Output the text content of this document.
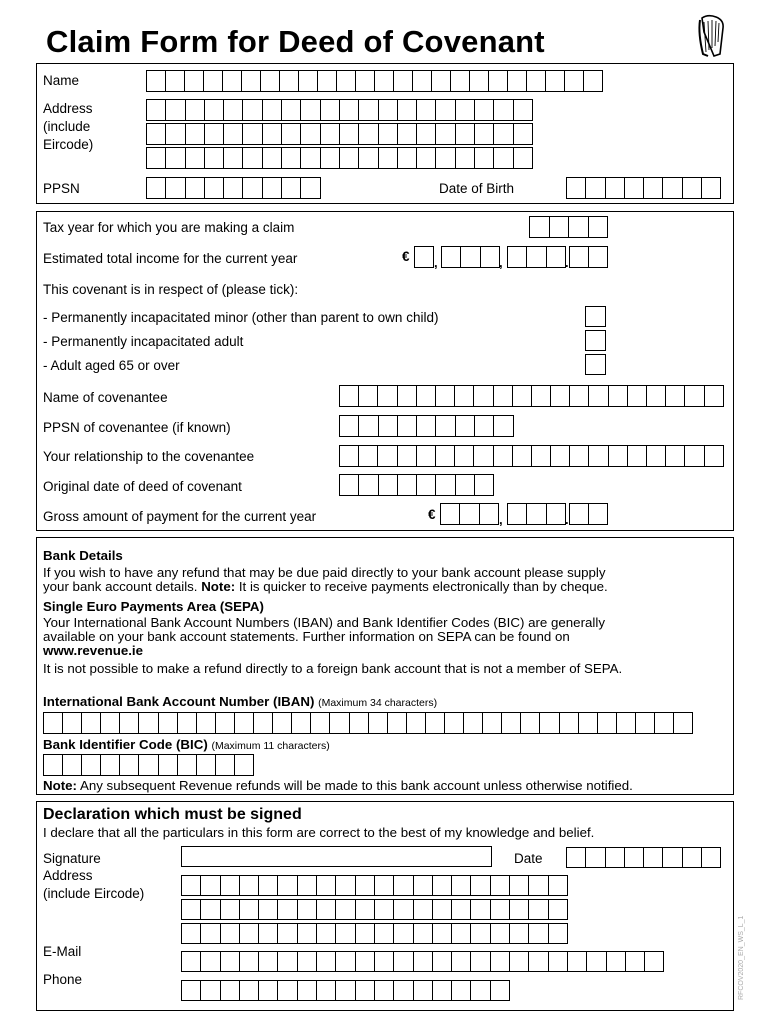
Claim Form for Deed of Covenant
Name
Address
(include
Eircode)
PPSN	Date of Birth
Tax year for which you are making a claim
Estimated total income for the current year	€ ,	,	.
This covenant is in respect of (please tick):
- Permanently incapacitated minor (other than parent to own child)
- Permanently incapacitated adult
- Adult aged 65 or over
Name of covenantee
PPSN of covenantee (if known)
Your relationship to the covenantee
Original date of deed of covenant
Gross amount of payment for the current year	€	,	.
Bank Details
If you wish to have any refund that may be due paid directly to your bank account please supply
your bank account details. Note: It is quicker to receive payments electronically than by cheque.
Single Euro Payments Area (SEPA)
Your International Bank Account Numbers (IBAN) and Bank Identifier Codes (BIC) are generally
available on your bank account statements. Further information on SEPA can be found on
www.revenue.ie
It is not possible to make a refund directly to a foreign bank account that is not a member of SEPA.
International Bank Account Number (IBAN) (Maximum 34 characters)
Bank Identifier Code (BIC) (Maximum 11 characters)
Note: Any subsequent Revenue refunds will be made to this bank account unless otherwise notified.
Declaration which must be signed
I declare that all the particulars in this form are correct to the best of my knowledge and belief.
Signature	Date
Address
(include Eircode)
E-Mail
Phone	RFCOV2020_EN_WS_L_1
